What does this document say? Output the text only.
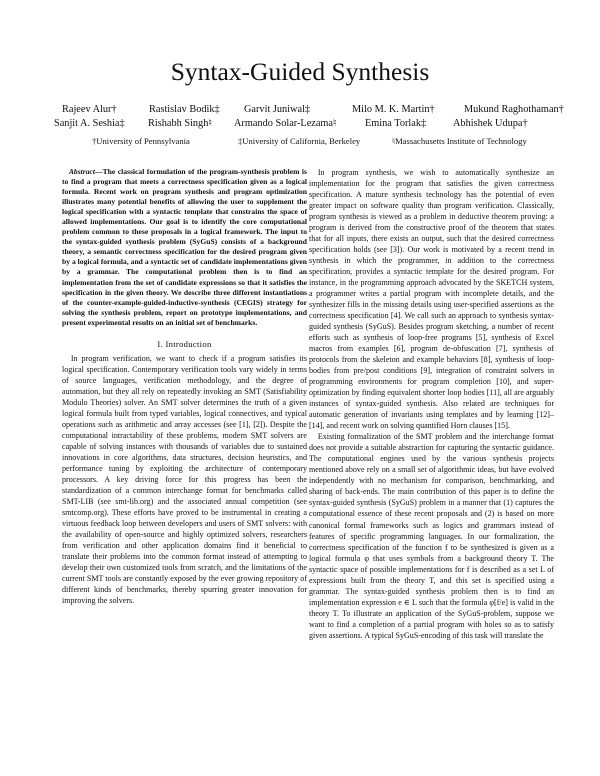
Syntax-Guided Synthesis
Rajeev Alur†	Rastislav Bodik‡ Garvit Juniwal‡	Milo M. K. Martin†	Mukund Raghothaman†
Sanjit A. Seshia‡ Rishabh Singh♮ Armando Solar-Lezama♮	Emina Torlak‡	Abhishek Udupa†
†University of Pennsylvania	‡University of California, Berkeley	♮Massachusetts Institute of Technology

Abstract—The classical formulation of the program-synthesis problem is to find a program that meets a correctness specification given as a logical formula. Recent work on program synthesis and program optimization illustrates many potential benefits of allowing the user to supplement the logical specification with a syntactic template that constrains the space of allowed implementations. Our goal is to identify the core computational problem common to these proposals in a logical framework. The input to the syntax-guided synthesis problem (SyGuS) consists of a background theory, a semantic correctness specification for the desired program given by a logical formula, and a syntactic set of candidate implementations given by a grammar. The computational problem then is to find an implementation from the set of candidate expressions so that it satisfies the specification in the given theory. We describe three different instantiations of the counter-example-guided-inductive-synthesis (CEGIS) strategy for solving the synthesis problem, report on prototype implementations, and present experimental results on an initial set of benchmarks.

I. Introduction

In program verification, we want to check if a program satisfies its logical specification. Contemporary verification tools vary widely in terms of source languages, verification methodology, and the degree of automation, but they all rely on repeatedly invoking an SMT (Satisfiability Modulo Theories) solver. An SMT solver determines the truth of a given logical formula built from typed variables, logical connectives, and typical operations such as arithmetic and array accesses (see [1], [2]). Despite the computational intractability of these problems, modern SMT solvers are capable of solving instances with thousands of variables due to sustained innovations in core algorithms, data structures, decision heuristics, and performance tuning by exploiting the architecture of contemporary processors. A key driving force for this progress has been the standardization of a common interchange format for benchmarks called SMT-LIB (see smt-lib.org) and the associated annual competition (see smtcomp.org). These efforts have proved to be instrumental in creating a virtuous feedback loop between developers and users of SMT solvers: with the availability of open-source and highly optimized solvers, researchers from verification and other application domains find it beneficial to translate their problems into the common format instead of attempting to develop their own customized tools from scratch, and the limitations of the current SMT tools are constantly exposed by the ever growing repository of different kinds of benchmarks, thereby spurring greater innovation for improving the solvers.

In program synthesis, we wish to automatically synthesize an implementation for the program that satisfies the given correctness specification. A mature synthesis technology has the potential of even greater impact on software quality than program verification. Classically, program synthesis is viewed as a problem in deductive theorem proving: a program is derived from the constructive proof of the theorem that states that for all inputs, there exists an output, such that the desired correctness specification holds (see [3]). Our work is motivated by a recent trend in synthesis in which the programmer, in addition to the correctness specification, provides a syntactic template for the desired program. For instance, in the programming approach advocated by the SKETCH system, a programmer writes a partial program with incomplete details, and the synthesizer fills in the missing details using user-specified assertions as the correctness specification [4]. We call such an approach to synthesis syntax-guided synthesis (SyGuS). Besides program sketching, a number of recent efforts such as synthesis of loop-free programs [5], synthesis of Excel macros from examples [6], program de-obfuscation [7], synthesis of protocols from the skeleton and example behaviors [8], synthesis of loop-bodies from pre/post conditions [9], integration of constraint solvers in programming environments for program completion [10], and super-optimization by finding equivalent shorter loop bodies [11], all are arguably instances of syntax-guided synthesis. Also related are techniques for automatic generation of invariants using templates and by learning [12]–[14], and recent work on solving quantified Horn clauses [15].

Existing formalization of the SMT problem and the interchange format does not provide a suitable abstraction for capturing the syntactic guidance. The computational engines used by the various synthesis projects mentioned above rely on a small set of algorithmic ideas, but have evolved independently with no mechanism for comparison, benchmarking, and sharing of back-ends. The main contribution of this paper is to define the syntax-guided synthesis (SyGuS) problem in a manner that (1) captures the computational essence of these recent proposals and (2) is based on more canonical formal frameworks such as logics and grammars instead of features of specific programming languages. In our formalization, the correctness specification of the function f to be synthesized is given as a logical formula φ that uses symbols from a background theory T. The syntactic space of possible implementations for f is described as a set L of expressions built from the theory T, and this set is specified using a grammar. The syntax-guided synthesis problem then is to find an implementation expression e ∈ L such that the formula φ[f/e] is valid in the theory T. To illustrate an application of the SyGuS-problem, suppose we want to find a completion of a partial program with holes so as to satisfy given assertions. A typical SyGuS-encoding of this task will translate the
